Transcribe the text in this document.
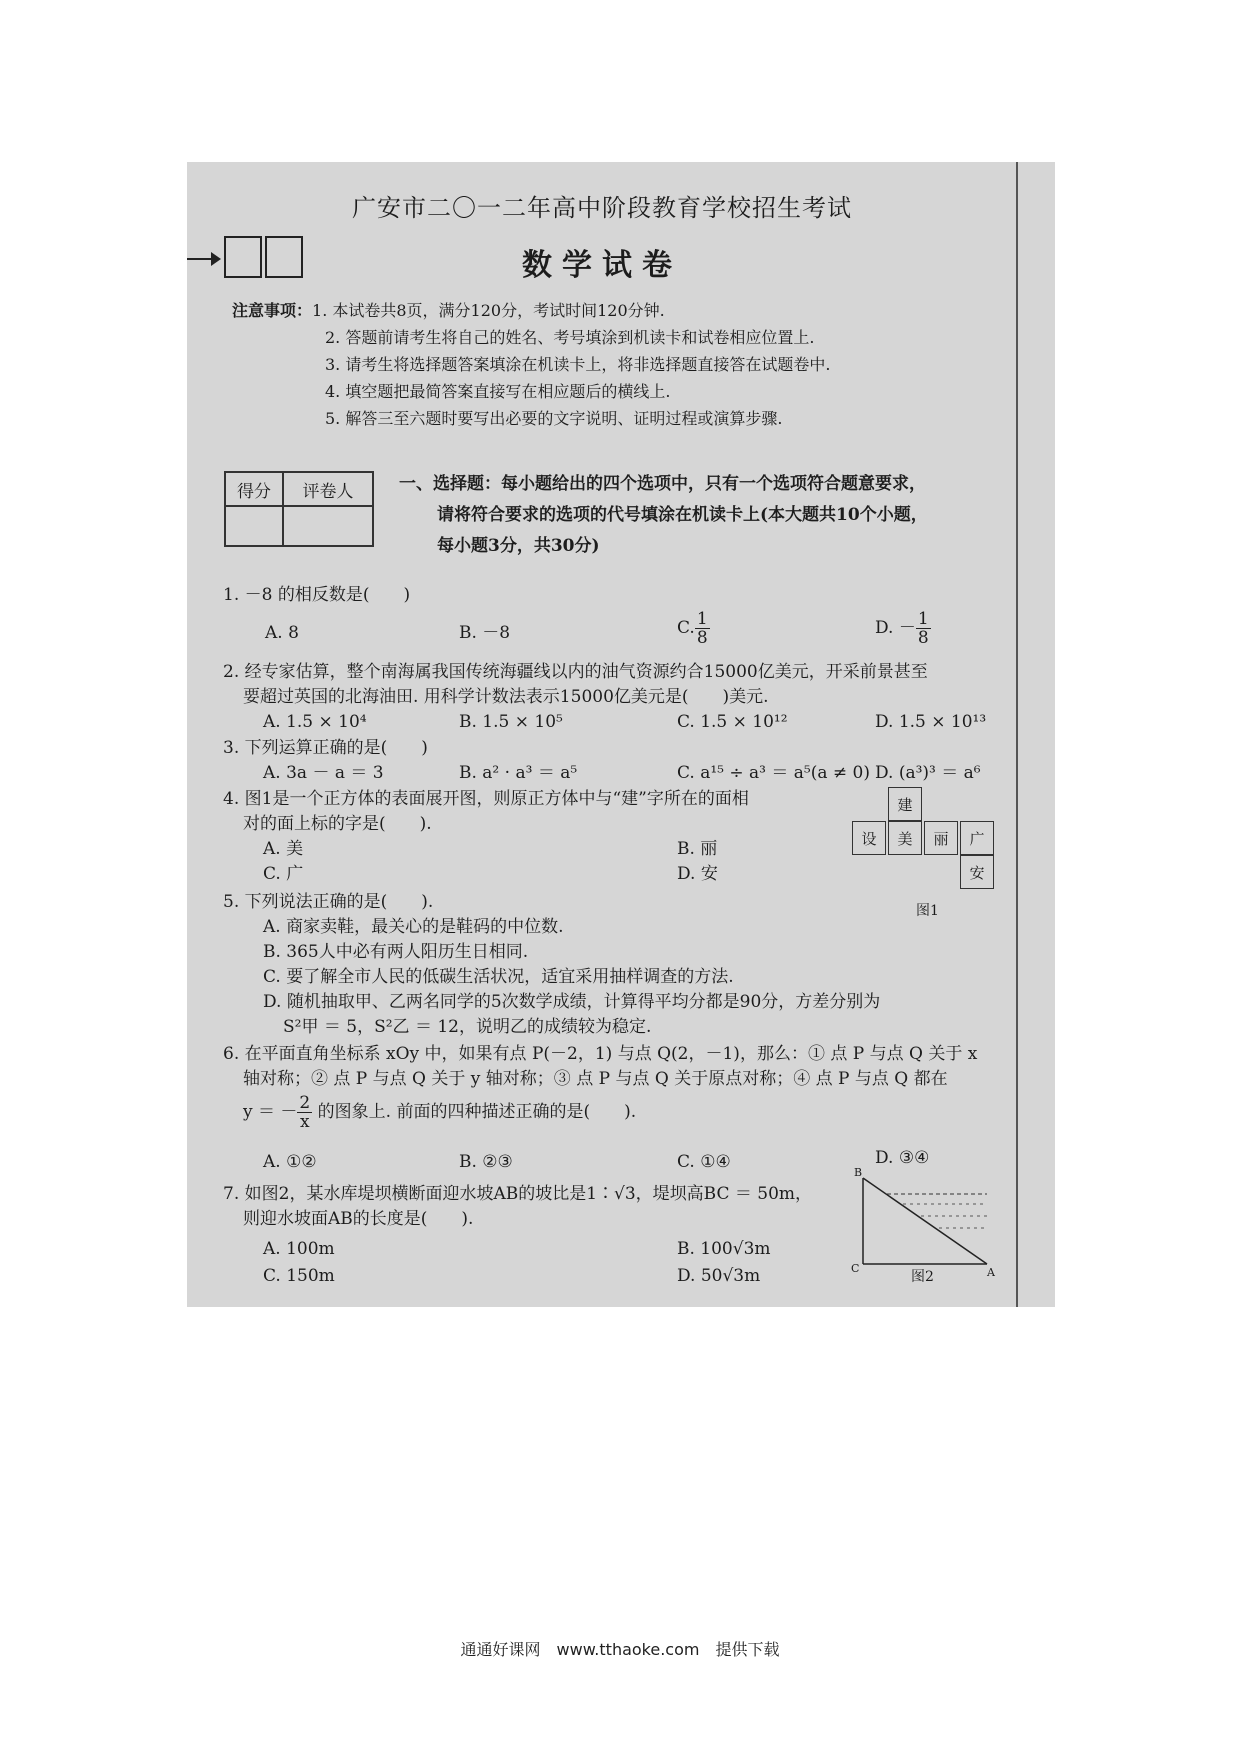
广安市二〇一二年高中阶段教育学校招生考试
数学试卷
注意事项：1. 本试卷共8页，满分120分，考试时间120分钟.
2. 答题前请考生将自己的姓名、考号填涂到机读卡和试卷相应位置上.
3. 请考生将选择题答案填涂在机读卡上，将非选择题直接答在试题卷中.
4. 填空题把最简答案直接写在相应题后的横线上.
5. 解答三至六题时要写出必要的文字说明、证明过程或演算步骤.
得分	评卷人
		一、选择题：每小题给出的四个选项中，只有一个选项符合题意要求，
请将符合要求的选项的代号填涂在机读卡上(本大题共10个小题，
每小题3分，共30分)
1. －8 的相反数是(　　)
A. 8	B. －8	C. $\frac{1}{8}$	D. － $\frac{1}{8}$
2. 经专家估算，整个南海属我国传统海疆线以内的油气资源约合15000亿美元，开采前景甚至
要超过英国的北海油田. 用科学计数法表示15000亿美元是(　　)美元.
A. 1.5 × 10⁴	B. 1.5 × 10⁵	C. 1.5 × 10¹²	D. 1.5 × 10¹³
3. 下列运算正确的是(　　)
A. 3a － a ＝ 3	B. a² · a³ ＝ a⁵	C. a¹⁵ ÷ a³ ＝ a⁵(a ≠ 0) D. (a³)³ ＝ a⁶
4. 图1是一个正方体的表面展开图，则原正方体中与“建”字所在的面相
对的面上标的字是(　　).
A. 美	B. 丽
C. 广	D. 安
建
设	美	丽	广
安
图1
5. 下列说法正确的是(　　).
A. 商家卖鞋，最关心的是鞋码的中位数.
B. 365人中必有两人阳历生日相同.
C. 要了解全市人民的低碳生活状况，适宜采用抽样调查的方法.
D. 随机抽取甲、乙两名同学的5次数学成绩，计算得平均分都是90分，方差分别为
S²甲 ＝ 5，S²乙 ＝ 12，说明乙的成绩较为稳定.
6. 在平面直角坐标系 xOy 中，如果有点 P(－2，1) 与点 Q(2，－1)，那么：① 点 P 与点 Q 关于 x
轴对称；② 点 P 与点 Q 关于 y 轴对称；③ 点 P 与点 Q 关于原点对称；④ 点 P 与点 Q 都在
y ＝ － $\frac{2}{x}$ 的图象上. 前面的四种描述正确的是(　　).
A. ①②	B. ②③	C. ①④	D. ③④
7. 如图2，某水库堤坝横断面迎水坡AB的坡比是1∶√3，堤坝高BC ＝ 50m，
则迎水坡面AB的长度是(　　).
A. 100m	B. 100√3m
C. 150m	D. 50√3m
B
C	A
图2
通通好课网　www.tthaoke.com　提供下载
